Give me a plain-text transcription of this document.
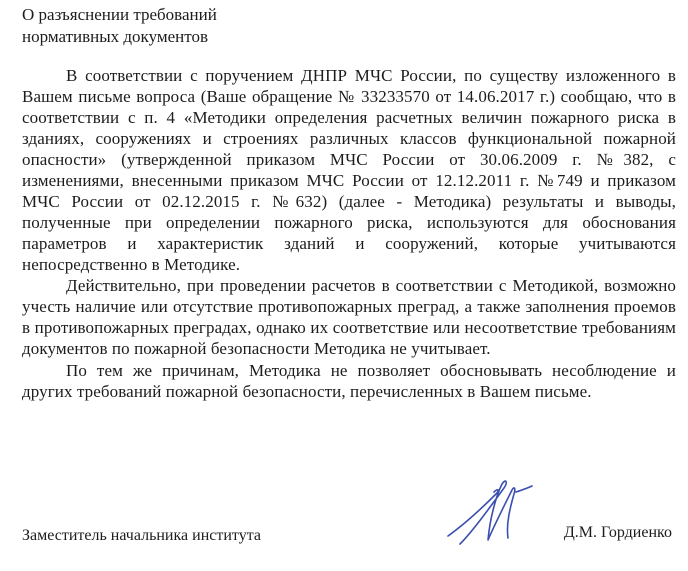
О разъяснении требований
нормативных документов

В соответствии с поручением ДНПР МЧС России, по существу изложенного в Вашем письме вопроса (Ваше обращение № 33233570 от 14.06.2017 г.) сообщаю, что в соответствии с п. 4 «Методики определения расчетных величин пожарного риска в зданиях, сооружениях и строениях различных классов функциональной пожарной опасности» (утвержденной приказом МЧС России от 30.06.2009 г. №382, с изменениями, внесенными приказом МЧС России от 12.12.2011 г. №749 и приказом МЧС России от 02.12.2015 г. №632) (далее - Методика) результаты и выводы, полученные при определении пожарного риска, используются для обоснования параметров и характеристик зданий и сооружений, которые учитываются непосредственно в Методике.

Действительно, при проведении расчетов в соответствии с Методикой, возможно учесть наличие или отсутствие противопожарных преград, а также заполнения проемов в противопожарных преградах, однако их соответствие или несоответствие требованиям документов по пожарной безопасности Методика не учитывает.

По тем же причинам, Методика не позволяет обосновывать несоблюдение и других требований пожарной безопасности, перечисленных в Вашем письме.

Заместитель начальника института	Д.М. Гордиенко
